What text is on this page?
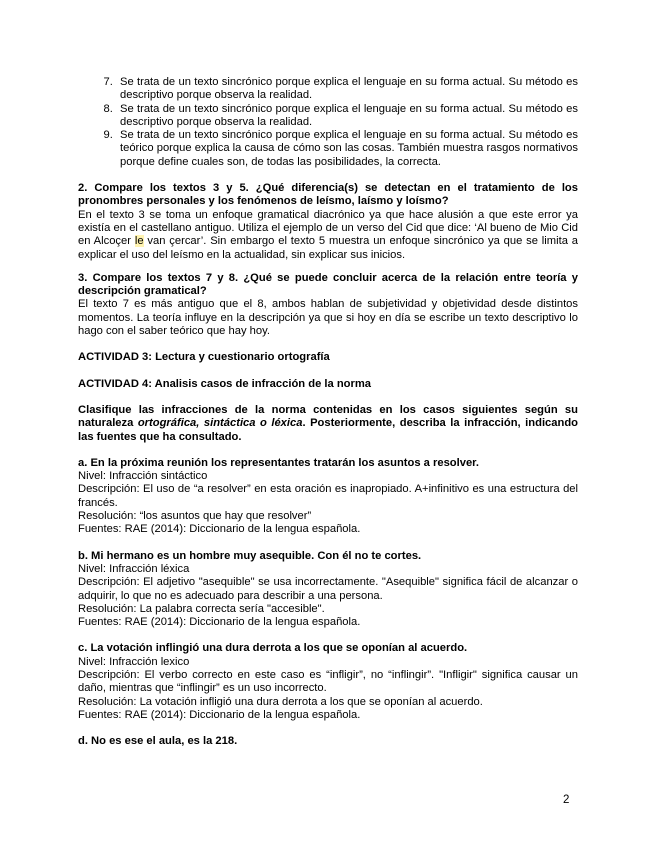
7. Se trata de un texto sincrónico porque explica el lenguaje en su forma actual. Su método es descriptivo porque observa la realidad.
8. Se trata de un texto sincrónico porque explica el lenguaje en su forma actual. Su método es descriptivo porque observa la realidad.
9. Se trata de un texto sincrónico porque explica el lenguaje en su forma actual. Su método es teórico porque explica la causa de cómo son las cosas. También muestra rasgos normativos porque define cuales son, de todas las posibilidades, la correcta.

2. Compare los textos 3 y 5. ¿Qué diferencia(s) se detectan en el tratamiento de los pronombres personales y los fenómenos de leísmo, laísmo y loísmo?

En el texto 3 se toma un enfoque gramatical diacrónico ya que hace alusión a que este error ya existía en el castellano antiguo. Utiliza el ejemplo de un verso del Cid que dice: ‘Al bueno de Mio Cid en Alcoçer le van çercar’. Sin embargo el texto 5 muestra un enfoque sincrónico ya que se limita a explicar el uso del leísmo en la actualidad, sin explicar sus inicios.

3. Compare los textos 7 y 8. ¿Qué se puede concluir acerca de la relación entre teoría y descripción gramatical?

El texto 7 es más antiguo que el 8, ambos hablan de subjetividad y objetividad desde distintos momentos. La teoría influye en la descripción ya que si hoy en día se escribe un texto descriptivo lo hago con el saber teórico que hay hoy.

ACTIVIDAD 3: Lectura y cuestionario ortografía

ACTIVIDAD 4: Analisis casos de infracción de la norma

Clasifique las infracciones de la norma contenidas en los casos siguientes según su naturaleza ortográfica, sintáctica o léxica. Posteriormente, describa la infracción, indicando las fuentes que ha consultado.

a. En la próxima reunión los representantes tratarán los asuntos a resolver.

Nivel: Infracción sintáctico

Descripción: El uso de “a resolver” en esta oración es inapropiado. A+infinitivo es una estructura del francés.

Resolución: “los asuntos que hay que resolver”

Fuentes: RAE (2014): Diccionario de la lengua española.

b. Mi hermano es un hombre muy asequible. Con él no te cortes.

Nivel: Infracción léxica

Descripción: El adjetivo "asequible" se usa incorrectamente. "Asequible" significa fácil de alcanzar o adquirir, lo que no es adecuado para describir a una persona.

Resolución: La palabra correcta sería "accesible".

Fuentes: RAE (2014): Diccionario de la lengua española.

c. La votación inflingió una dura derrota a los que se oponían al acuerdo.

Nivel: Infracción lexico

Descripción: El verbo correcto en este caso es “infligir”, no “inflingir”. "Infligir" significa causar un daño, mientras que “inflingir” es un uso incorrecto.

Resolución: La votación infligió una dura derrota a los que se oponían al acuerdo.

Fuentes: RAE (2014): Diccionario de la lengua española.

d. No es ese el aula, es la 218.

2
